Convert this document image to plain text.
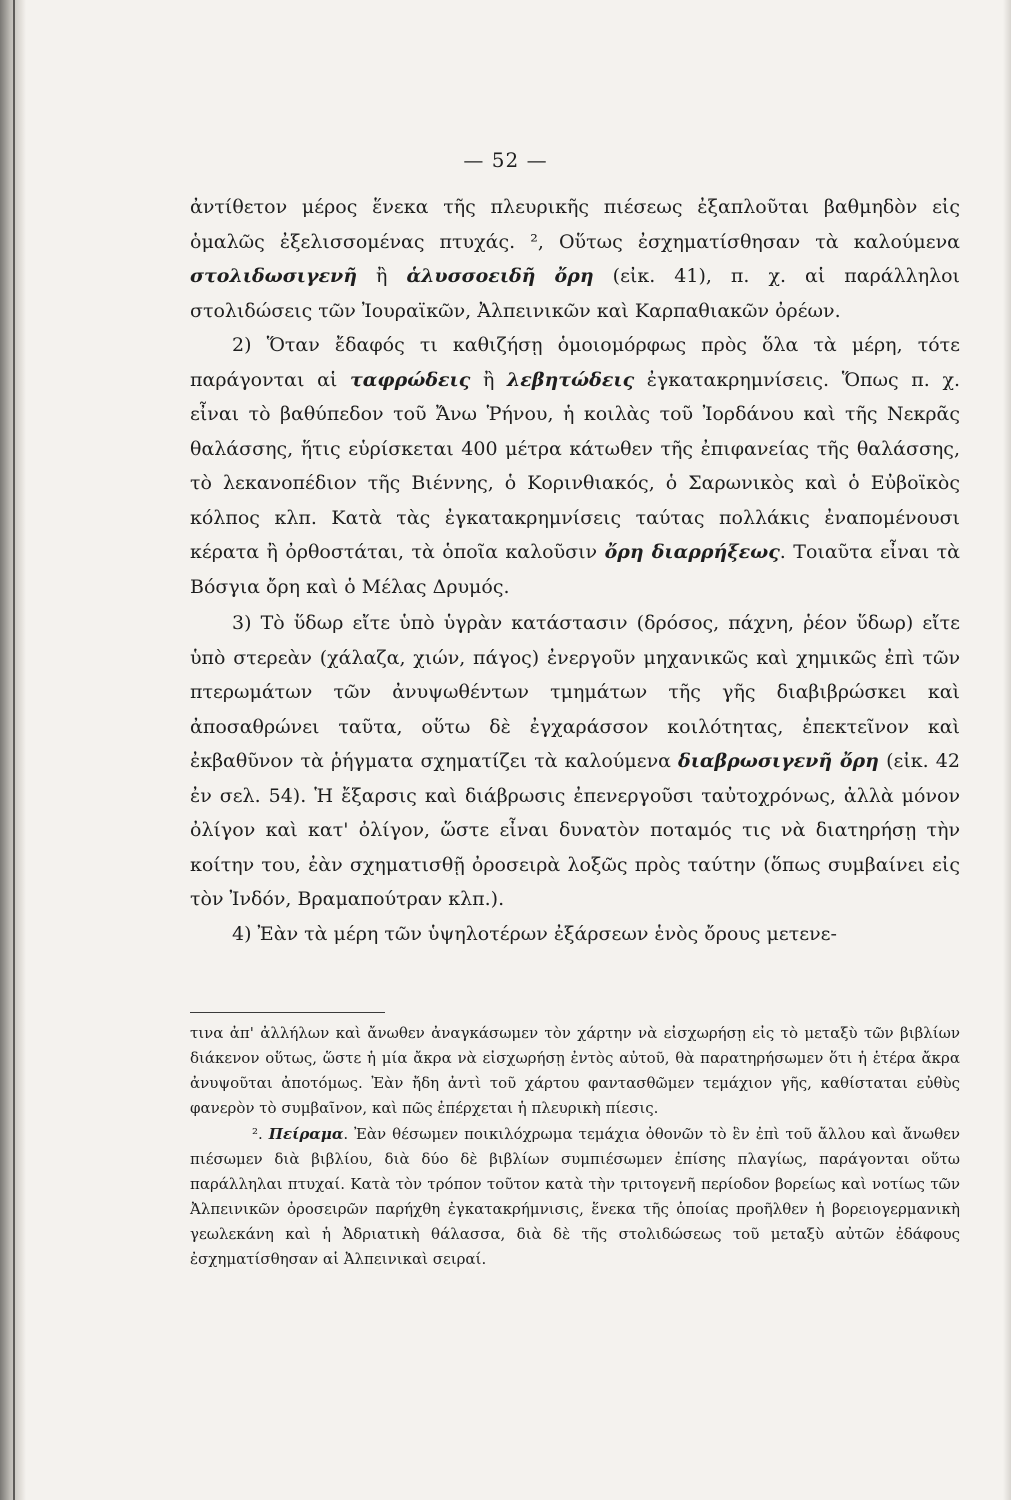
— 52 —

ἀντίθετον μέρος ἕνεκα τῆς πλευρικῆς πιέσεως ἐξαπλοῦται βαθμηδὸν εἰς ὁμαλῶς ἐξελισσομένας πτυχάς. ², Οὕτως ἐσχηματίσθησαν τὰ καλούμενα στολιδωσιγενῆ ἢ ἁλυσσοειδῆ ὄρη (εἰκ. 41), π. χ. αἱ παράλληλοι στολιδώσεις τῶν Ἰουραϊκῶν, Ἀλπεινικῶν καὶ Καρπαθιακῶν ὀρέων.

2) Ὅταν ἔδαφός τι καθιζήσῃ ὁμοιομόρφως πρὸς ὅλα τὰ μέρη, τότε παράγονται αἱ ταφρώδεις ἢ λεβητώδεις ἐγκατακρημνίσεις. Ὅπως π. χ. εἶναι τὸ βαθύπεδον τοῦ Ἄνω Ῥήνου, ἡ κοιλὰς τοῦ Ἰορδάνου καὶ τῆς Νεκρᾶς θαλάσσης, ἥτις εὑρίσκεται 400 μέτρα κάτωθεν τῆς ἐπιφανείας τῆς θαλάσσης, τὸ λεκανοπέδιον τῆς Βιέννης, ὁ Κορινθιακός, ὁ Σαρωνικὸς καὶ ὁ Εὐβοϊκὸς κόλπος κλπ. Κατὰ τὰς ἐγκατακρημνίσεις ταύτας πολλάκις ἐναπομένουσι κέρατα ἢ ὀρθοστάται, τὰ ὁποῖα καλοῦσιν ὄρη διαρρήξεως. Τοιαῦτα εἶναι τὰ Βόσγια ὄρη καὶ ὁ Μέλας Δρυμός.

3) Τὸ ὕδωρ εἴτε ὑπὸ ὑγρὰν κατάστασιν (δρόσος, πάχνη, ῥέον ὕδωρ) εἴτε ὑπὸ στερεὰν (χάλαζα, χιών, πάγος) ἐνεργοῦν μηχανικῶς καὶ χημικῶς ἐπὶ τῶν πτερωμάτων τῶν ἀνυψωθέντων τμημάτων τῆς γῆς διαβιβρώσκει καὶ ἀποσαθρώνει ταῦτα, οὕτω δὲ ἐγχαράσσον κοιλότητας, ἐπεκτεῖνον καὶ ἐκβαθῦνον τὰ ῥήγματα σχηματίζει τὰ καλούμενα διαβρωσιγενῆ ὄρη (εἰκ. 42 ἐν σελ. 54). Ἡ ἔξαρσις καὶ διάβρωσις ἐπενεργοῦσι ταὐτοχρόνως, ἀλλὰ μόνον ὀλίγον καὶ κατ' ὀλίγον, ὥστε εἶναι δυνατὸν ποταμός τις νὰ διατηρήσῃ τὴν κοίτην του, ἐὰν σχηματισθῇ ὀροσειρὰ λοξῶς πρὸς ταύτην (ὅπως συμβαίνει εἰς τὸν Ἰνδόν, Βραμαπούτραν κλπ.).

4) Ἐὰν τὰ μέρη τῶν ὑψηλοτέρων ἐξάρσεων ἑνὸς ὄρους μετενε-

τινα ἀπ' ἀλλήλων καὶ ἄνωθεν ἀναγκάσωμεν τὸν χάρτην νὰ εἰσχωρήσῃ εἰς τὸ μεταξὺ τῶν βιβλίων διάκενον οὕτως, ὥστε ἡ μία ἄκρα νὰ εἰσχωρήσῃ ἐντὸς αὐτοῦ, θὰ παρατηρήσωμεν ὅτι ἡ ἑτέρα ἄκρα ἀνυψοῦται ἀποτόμως. Ἐὰν ἤδη ἀντὶ τοῦ χάρτου φαντασθῶμεν τεμάχιον γῆς, καθίσταται εὐθὺς φανερὸν τὸ συμβαῖνον, καὶ πῶς ἐπέρχεται ἡ πλευρικὴ πίεσις.

². Πείραμα. Ἐὰν θέσωμεν ποικιλόχρωμα τεμάχια ὀθονῶν τὸ ἓν ἐπὶ τοῦ ἄλλου καὶ ἄνωθεν πιέσωμεν διὰ βιβλίου, διὰ δύο δὲ βιβλίων συμπιέσωμεν ἐπίσης πλαγίως, παράγονται οὕτω παράλληλαι πτυχαί. Κατὰ τὸν τρόπον τοῦτον κατὰ τὴν τριτογενῆ περίοδον βορείως καὶ νοτίως τῶν Ἀλπεινικῶν ὀροσειρῶν παρήχθη ἐγκατακρήμνισις, ἕνεκα τῆς ὁποίας προῆλθεν ἡ βορειογερμανικὴ γεωλεκάνη καὶ ἡ Ἀδριατικὴ θάλασσα, διὰ δὲ τῆς στολιδώσεως τοῦ μεταξὺ αὐτῶν ἐδάφους ἐσχηματίσθησαν αἱ Ἀλπεινικαὶ σειραί.
